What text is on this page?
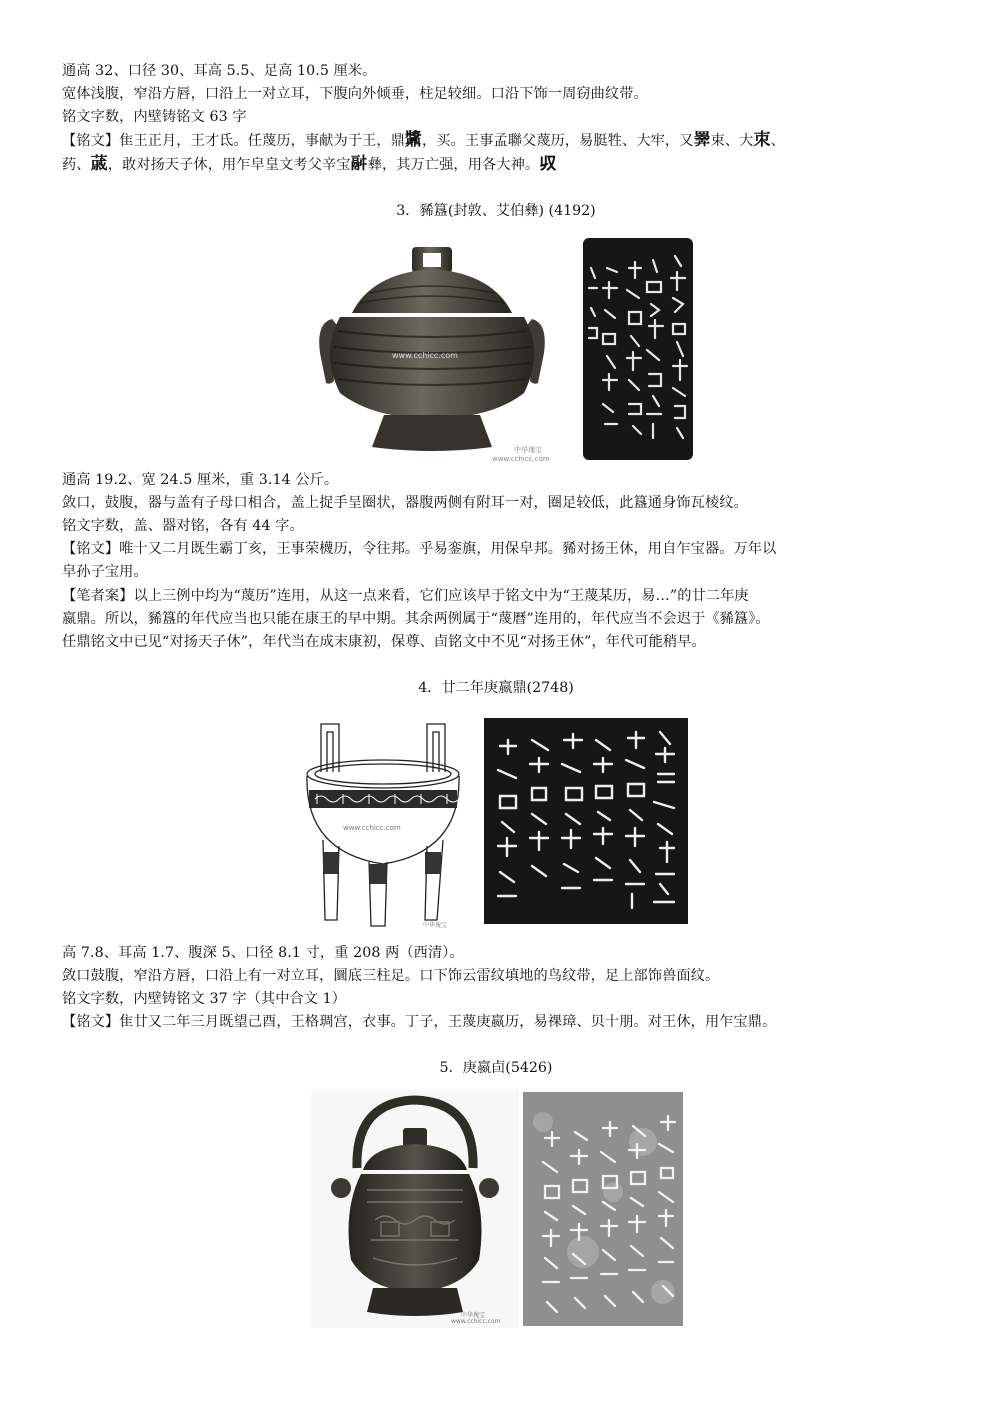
通高 32、口径 30、耳高 5.5、足高 10.5 厘米。

宽体浅腹，窄沿方唇，口沿上一对立耳，下腹向外倾垂，柱足较细。口沿下饰一周窃曲纹带。

铭文字数，内壁铸铭文 63 字

【铭文】隹王正月，王才氐。任蔑历，事献为于王，鼎䵼，买。王事孟聯父蔑历，易脡牲、大牢，又𢍰束、大朿、

药、𦸗，敢对扬天子休，用乍皁皇文考父辛宝𩰫彝，其万亡强，用各大神。𠬞

3．豨簋(封敦、艾伯彝) (4192)

www.cchicc.com
中华瑰宝
www.cchicc.com

通高 19.2、宽 24.5 厘米，重 3.14 公斤。

敛口，鼓腹，器与盖有子母口相合，盖上捉手呈圈状，器腹两侧有附耳一对，圈足较低，此簋通身饰瓦棱纹。

铭文字数，盖、器对铭，各有 44 字。

【铭文】唯十又二月既生霸丁亥，王事荣櫗历，令往邦。乎易銮旗，用保皁邦。豨对扬王休，用自乍宝器。万年以

皁孙子宝用。

【笔者案】以上三例中均为“蔑历”连用，从这一点来看，它们应该早于铭文中为“王蔑某历，易…”的廿二年庚

嬴鼎。所以，豨簋的年代应当也只能在康王的早中期。其余两例属于“蔑曆”连用的，年代应当不会迟于《豨簋》。

任鼎铭文中已见“对扬天子休”，年代当在成末康初，保尊、卣铭文中不见“对扬王休”，年代可能稍早。

4．廿二年庚嬴鼎(2748)

www.cchicc.com
中华瑰宝

高 7.8、耳高 1.7、腹深 5、口径 8.1 寸，重 208 两（西清）。

敛口鼓腹，窄沿方唇，口沿上有一对立耳，圜底三柱足。口下饰云雷纹填地的鸟纹带，足上部饰兽面纹。

铭文字数，内壁铸铭文 37 字（其中合文 1）

【铭文】隹廿又二年三月既望己酉，王格琱宫，衣事。丁子，王蔑庚嬴历，易祼璋、贝十朋。对王休，用乍宝鼎。

5．庚嬴卣(5426)

中华瑰宝
www.cchicc.com
